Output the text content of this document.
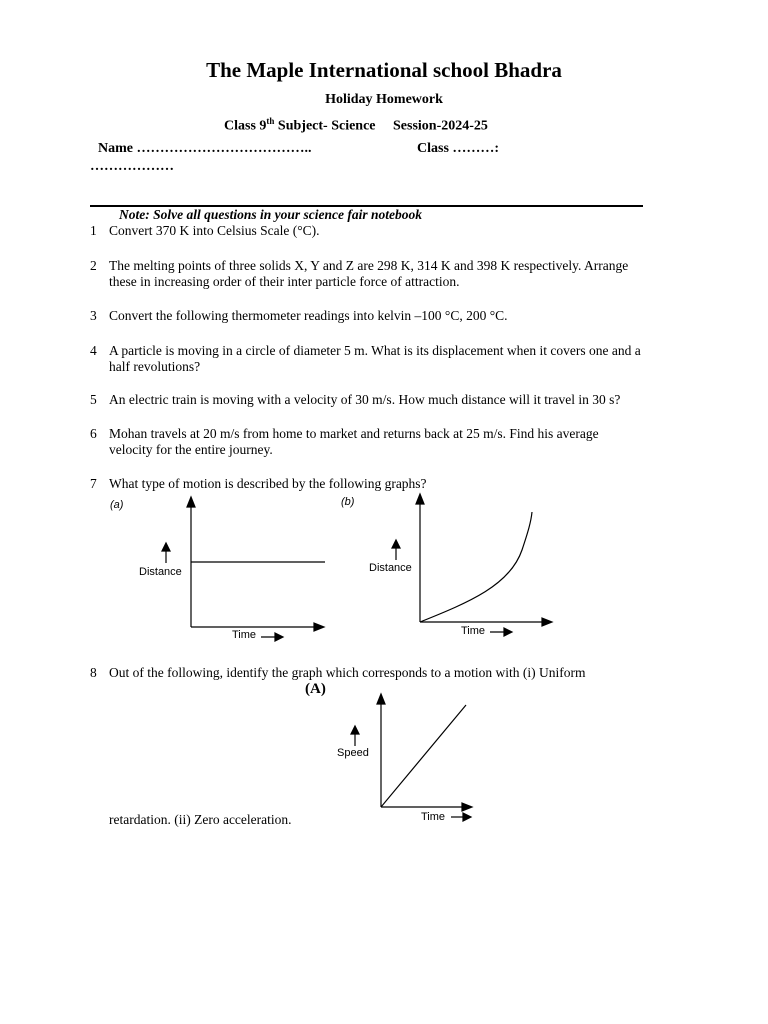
The Maple International school Bhadra
Holiday Homework
Class 9th Subject- Science     Session-2024-25
Name ………………………………..	Class ………:
………………
Note: Solve all questions in your science fair notebook
1 Convert 370 K into Celsius Scale (°C).
2 The melting points of three solids X, Y and Z are 298 K, 314 K and 398 K respectively. Arrange these in increasing order of their inter particle force of attraction.
3 Convert the following thermometer readings into kelvin –100 °C, 200 °C.
4 A particle is moving in a circle of diameter 5 m. What is its displacement when it covers one and a half revolutions?
5 An electric train is moving with a velocity of 30 m/s. How much distance will it travel in 30 s?
6 Mohan travels at 20 m/s from home to market and returns back at 25 m/s. Find his average velocity for the entire journey.
7 What type of motion is described by the following graphs?
(a)
Distance
Time
(b)
Distance
Time
8 Out of the following, identify the graph which corresponds to a motion with (i) Uniform
(A)
Speed
Time
retardation. (ii) Zero acceleration.
